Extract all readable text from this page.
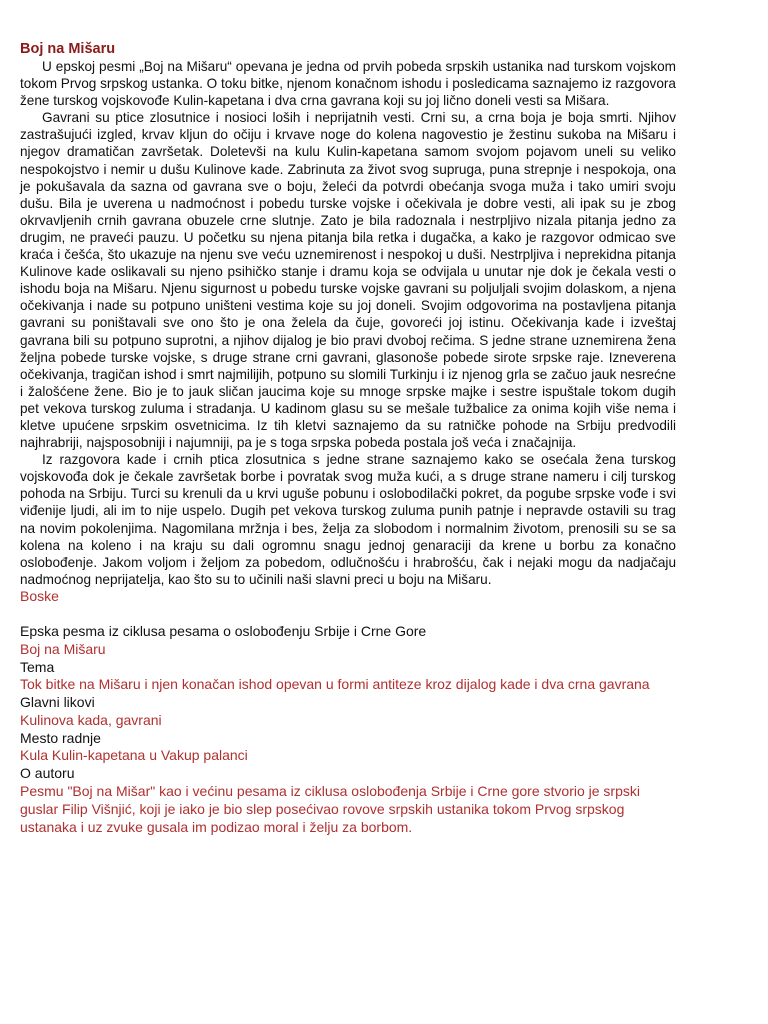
Boj na Mišaru

U epskoj pesmi „Boj na Mišaru“ opevana je jedna od prvih pobeda srpskih ustanika nad turskom vojskom tokom Prvog srpskog ustanka. O toku bitke, njenom konačnom ishodu i posledicama saznajemo iz razgovora žene turskog vojskovođe Kulin-kapetana i dva crna gavrana koji su joj lično doneli vesti sa Mišara.

Gavrani su ptice zlosutnice i nosioci loših i neprijatnih vesti. Crni su, a crna boja je boja smrti. Njihov zastrašujući izgled, krvav kljun do očiju i krvave noge do kolena nagovestio je žestinu sukoba na Mišaru i njegov dramatičan završetak. Doletevši na kulu Kulin-kapetana samom svojom pojavom uneli su veliko nespokojstvo i nemir u dušu Kulinove kade. Zabrinuta za život svog supruga, puna strepnje i nespokoja, ona je pokušavala da sazna od gavrana sve o boju, želeći da potvrdi obećanja svoga muža i tako umiri svoju dušu. Bila je uverena u nadmoćnost i pobedu turske vojske i očekivala je dobre vesti, ali ipak su je zbog okrvavljenih crnih gavrana obuzele crne slutnje. Zato je bila radoznala i nestrpljivo nizala pitanja jedno za drugim, ne praveći pauzu. U početku su njena pitanja bila retka i dugačka, a kako je razgovor odmicao sve kraća i češća, što ukazuje na njenu sve veću uznemirenost i nespokoj u duši. Nestrpljiva i neprekidna pitanja Kulinove kade oslikavali su njeno psihičko stanje i dramu koja se odvijala u unutar nje dok je čekala vesti o ishodu boja na Mišaru. Njenu sigurnost u pobedu turske vojske gavrani su poljuljali svojim dolaskom, a njena očekivanja i nade su potpuno uništeni vestima koje su joj doneli. Svojim odgovorima na postavljena pitanja gavrani su poništavali sve ono što je ona želela da čuje, govoreći joj istinu. Očekivanja kade i izveštaj gavrana bili su potpuno suprotni, a njihov dijalog je bio pravi dvoboj rečima. S jedne strane uznemirena žena željna pobede turske vojske, s druge strane crni gavrani, glasonoše pobede sirote srpske raje. Izneverena očekivanja, tragičan ishod i smrt najmilijih, potpuno su slomili Turkinju i iz njenog grla se začuo jauk nesrećne i žalošćene žene. Bio je to jauk sličan jaucima koje su mnoge srpske majke i sestre ispuštale tokom dugih pet vekova turskog zuluma i stradanja. U kadinom glasu su se mešale tužbalice za onima kojih više nema i kletve upućene srpskim osvetnicima. Iz tih kletvi saznajemo da su ratničke pohode na Srbiju predvodili najhrabriji, najsposobniji i najumniji, pa je s toga srpska pobeda postala još veća i značajnija.

Iz razgovora kade i crnih ptica zlosutnica s jedne strane saznajemo kako se osećala žena turskog vojskovođa dok je čekale završetak borbe i povratak svog muža kući, a s druge strane nameru i cilj turskog pohoda na Srbiju. Turci su krenuli da u krvi uguše pobunu i oslobodilački pokret, da pogube srpske vođe i svi viđenije ljudi, ali im to nije uspelo. Dugih pet vekova turskog zuluma punih patnje i nepravde ostavili su trag na novim pokolenjima. Nagomilana mržnja i bes, želja za slobodom i normalnim životom, prenosili su se sa kolena na koleno i na kraju su dali ogromnu snagu jednoj genaraciji da krene u borbu za konačno oslobođenje. Jakom voljom i željom za pobedom, odlučnošću i hrabrošću, čak i nejaki mogu da nadjačaju nadmoćnog neprijatelja, kao što su to učinili naši slavni preci u boju na Mišaru.

Boske
Epska pesma iz ciklusa pesama o oslobođenju Srbije i Crne Gore
Boj na Mišaru
Tema
Tok bitke na Mišaru i njen konačan ishod opevan u formi antiteze kroz dijalog kade i dva crna gavrana
Glavni likovi
Kulinova kada, gavrani
Mesto radnje
Kula Kulin-kapetana u Vakup palanci
O autoru
Pesmu "Boj na Mišar" kao i većinu pesama iz ciklusa oslobođenja Srbije i Crne gore stvorio je srpski guslar Filip Višnjić, koji je iako je bio slep posećivao rovove srpskih ustanika tokom Prvog srpskog ustanaka i uz zvuke gusala im podizao moral i želju za borbom.
